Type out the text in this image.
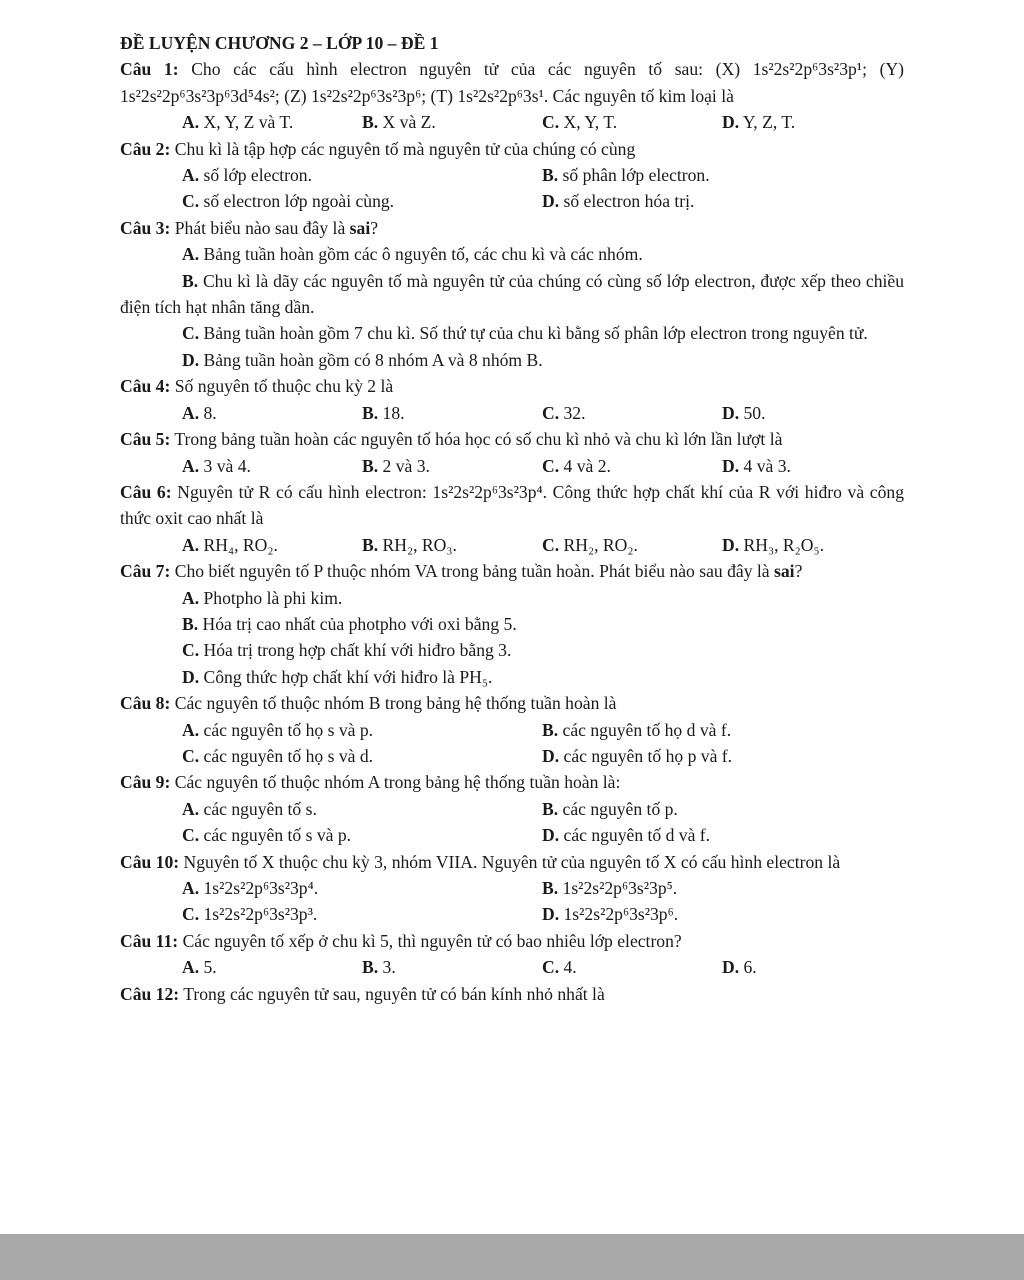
ĐỀ LUYỆN CHƯƠNG 2 – LỚP 10 – ĐỀ 1
Câu 1: Cho các cấu hình electron nguyên tử của các nguyên tố sau: (X) 1s²2s²2p⁶3s²3p¹; (Y) 1s²2s²2p⁶3s²3p⁶3d⁵4s²; (Z) 1s²2s²2p⁶3s²3p⁶; (T) 1s²2s²2p⁶3s¹. Các nguyên tố kim loại là
A. X, Y, Z và T.	B. X và Z.	C. X, Y, T.	D. Y, Z, T.
Câu 2: Chu kì là tập hợp các nguyên tố mà nguyên tử của chúng có cùng
A. số lớp electron.	B. số phân lớp electron.
C. số electron lớp ngoài cùng.	D. số electron hóa trị.
Câu 3: Phát biểu nào sau đây là sai?
A. Bảng tuần hoàn gồm các ô nguyên tố, các chu kì và các nhóm.
B. Chu kì là dãy các nguyên tố mà nguyên tử của chúng có cùng số lớp electron, được xếp theo chiều điện tích hạt nhân tăng dần.
C. Bảng tuần hoàn gồm 7 chu kì. Số thứ tự của chu kì bằng số phân lớp electron trong nguyên tử.
D. Bảng tuần hoàn gồm có 8 nhóm A và 8 nhóm B.
Câu 4: Số nguyên tố thuộc chu kỳ 2 là
A. 8.	B. 18.	C. 32.	D. 50.
Câu 5: Trong bảng tuần hoàn các nguyên tố hóa học có số chu kì nhỏ và chu kì lớn lần lượt là
A. 3 và 4.	B. 2 và 3.	C. 4 và 2.	D. 4 và 3.
Câu 6: Nguyên tử R có cấu hình electron: 1s²2s²2p⁶3s²3p⁴. Công thức hợp chất khí của R với hiđro và công thức oxit cao nhất là
A. RH₄, RO₂.	B. RH₂, RO₃.	C. RH₂, RO₂.	D. RH₃, R₂O₅.
Câu 7: Cho biết nguyên tố P thuộc nhóm VA trong bảng tuần hoàn. Phát biểu nào sau đây là sai?
A. Photpho là phi kim.
B. Hóa trị cao nhất của photpho với oxi bằng 5.
C. Hóa trị trong hợp chất khí với hiđro bằng 3.
D. Công thức hợp chất khí với hiđro là PH₅.
Câu 8: Các nguyên tố thuộc nhóm B trong bảng hệ thống tuần hoàn là
A. các nguyên tố họ s và p.	B. các nguyên tố họ d và f.
C. các nguyên tố họ s và d.	D. các nguyên tố họ p và f.
Câu 9: Các nguyên tố thuộc nhóm A trong bảng hệ thống tuần hoàn là:
A. các nguyên tố s.	B. các nguyên tố p.
C. các nguyên tố s và p.	D. các nguyên tố d và f.
Câu 10: Nguyên tố X thuộc chu kỳ 3, nhóm VIIA. Nguyên tử của nguyên tố X có cấu hình electron là
A. 1s²2s²2p⁶3s²3p⁴.	B. 1s²2s²2p⁶3s²3p⁵.
C. 1s²2s²2p⁶3s²3p³.	D. 1s²2s²2p⁶3s²3p⁶.
Câu 11: Các nguyên tố xếp ở chu kì 5, thì nguyên tử có bao nhiêu lớp electron?
A. 5.	B. 3.	C. 4.	D. 6.
Câu 12: Trong các nguyên tử sau, nguyên tử có bán kính nhỏ nhất là
